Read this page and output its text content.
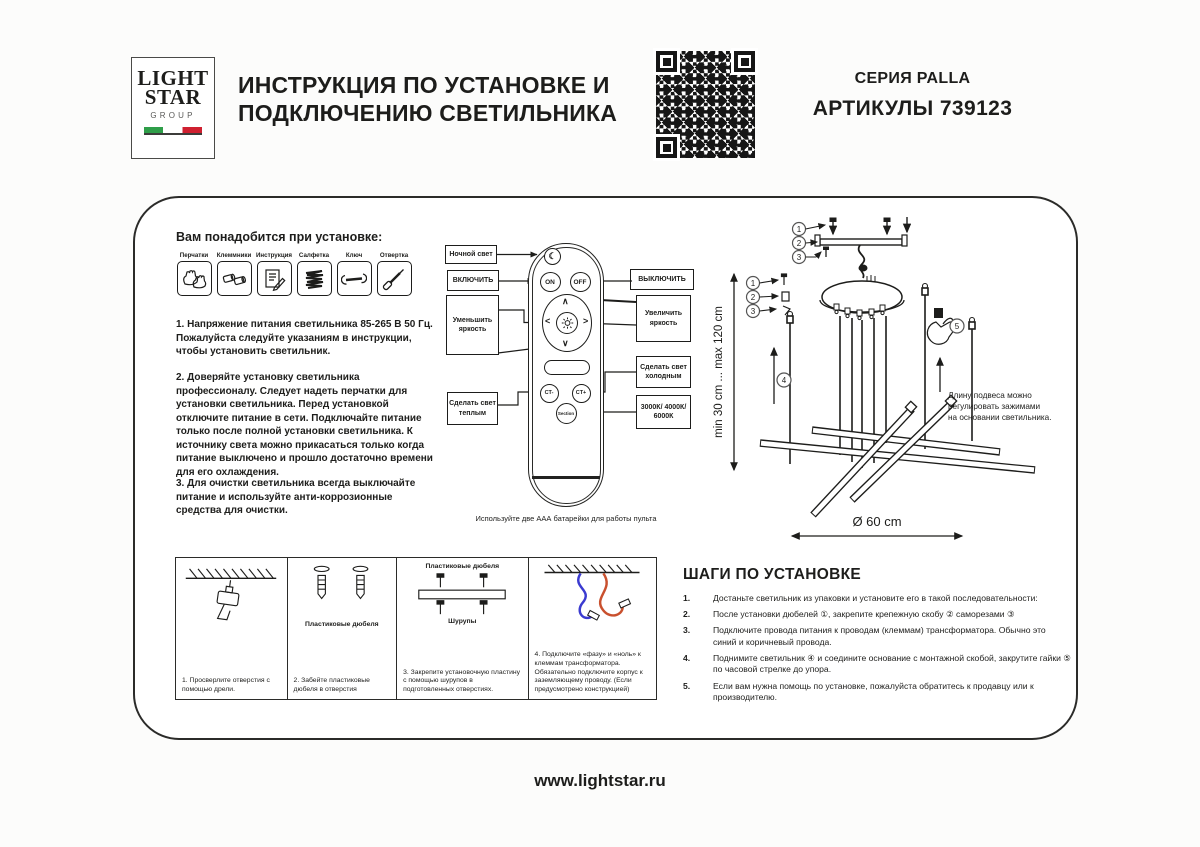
LIGHT
STAR
GROUP
ИНСТРУКЦИЯ ПО УСТАНОВКЕ И
ПОДКЛЮЧЕНИЮ СВЕТИЛЬНИКА
СЕРИЯ PALLA
АРТИКУЛЫ 739123
Вам понадобится при установке:
Перчатки Клеммники Инструкция Салфетка	Ключ	Отвертка
1. Напряжение питания светильника 85-265 В 50 Гц. Пожалуйста следуйте указаниям в инструкции, чтобы установить светильник.
2. Доверяйте установку светильника профессионалу. Следует надеть перчатки для установки светильника. Перед установкой отключите питание в сети. Подключайте питание только после полной установки светильника. К источнику света можно прикасаться только когда питание выключено и прошло достаточно времени для его охлаждения.
3. Для очистки светильника всегда выключайте питание и используйте анти-коррозионные средства для очистки.
Ночной свет
ВКЛЮЧИТЬ
Уменьшить яркость
Сделать свет теплым
ВЫКЛЮЧИТЬ
Увеличить яркость
Сделать свет холодным
3000К/ 4000К/ 6000К
☾
ON	OFF
∧
∨
<	>
CT-	CT+
Section
Используйте две ААА батарейки для работы пульта
min 30 cm ... max 120 cm
1
2
3
1
2
3
4
5
Длину подвеса можно
регулировать зажимами
на основании светильника.
Ø 60 cm
1. Просверлите отверстия с помощью дрели.
Пластиковые дюбеля
2. Забейте пластиковые дюбеля в отверстия
Пластиковые дюбеля
Шурупы
3. Закрепите установочную пластину с помощью шурупов в подготовленных отверстиях.
4. Подключите «фазу» и «ноль» к клеммам трансформатора. Обязательно подключите корпус к заземляющему проводу. (Если предусмотрено конструкцией)
ШАГИ ПО УСТАНОВКЕ
1.	Достаньте светильник из упаковки и установите его в такой последовательности:
2.	После установки дюбелей ①, закрепите крепежную скобу ② саморезами ③
3.	Подключите провода питания к проводам (клеммам) трансформатора. Обычно это синий и коричневый провода.
4.	Поднимите светильник ④ и соедините основание с монтажной скобой, закрутите гайки ⑤ по часовой стрелке до упора.
5.	Если вам нужна помощь по установке, пожалуйста обратитесь к продавцу или к производителю.
www.lightstar.ru
